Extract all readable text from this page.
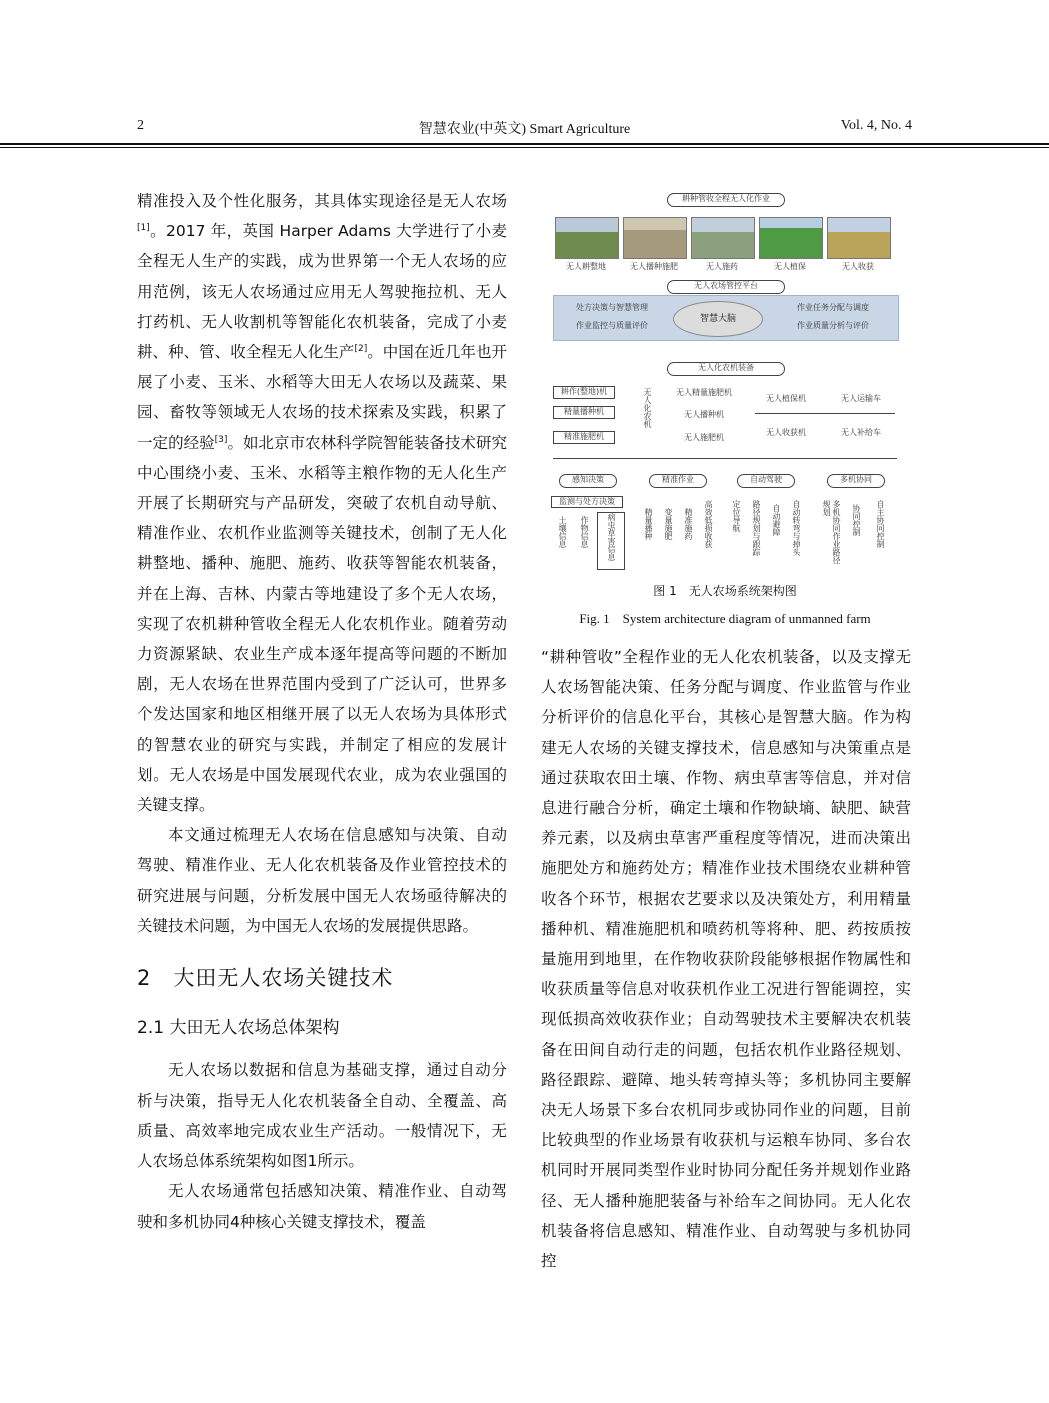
2	智慧农业(中英文) Smart Agriculture	Vol. 4, No. 4

精准投入及个性化服务，其具体实现途径是无人农场[1]。2017 年，英国 Harper Adams 大学进行了小麦全程无人生产的实践，成为世界第一个无人农场的应用范例，该无人农场通过应用无人驾驶拖拉机、无人打药机、无人收割机等智能化农机装备，完成了小麦耕、种、管、收全程无人化生产[2]。中国在近几年也开展了小麦、玉米、水稻等大田无人农场以及蔬菜、果园、畜牧等领域无人农场的技术探索及实践，积累了一定的经验[3]。如北京市农林科学院智能装备技术研究中心围绕小麦、玉米、水稻等主粮作物的无人化生产开展了长期研究与产品研发，突破了农机自动导航、精准作业、农机作业监测等关键技术，创制了无人化耕整地、播种、施肥、施药、收获等智能农机装备，并在上海、吉林、内蒙古等地建设了多个无人农场，实现了农机耕种管收全程无人化农机作业。随着劳动力资源紧缺、农业生产成本逐年提高等问题的不断加剧，无人农场在世界范围内受到了广泛认可，世界多个发达国家和地区相继开展了以无人农场为具体形式的智慧农业的研究与实践，并制定了相应的发展计划。无人农场是中国发展现代农业，成为农业强国的关键支撑。

本文通过梳理无人农场在信息感知与决策、自动驾驶、精准作业、无人化农机装备及作业管控技术的研究进展与问题，分析发展中国无人农场亟待解决的关键技术问题，为中国无人农场的发展提供思路。

2　大田无人农场关键技术
2.1 大田无人农场总体架构

无人农场以数据和信息为基础支撑，通过自动分析与决策，指导无人化农机装备全自动、全覆盖、高质量、高效率地完成农业生产活动。一般情况下，无人农场总体系统架构如图1所示。

无人农场通常包括感知决策、精准作业、自动驾驶和多机协同4种核心关键支撑技术，覆盖

耕种管收全程无人化作业
无人耕整地	无人播种施肥	无人施药	无人植保	无人收获
无人农场管控平台
处方决策与智慧管理
作业监控与质量评价
智慧大脑
作业任务分配与调度
作业质量分析与评价
无人化农机装备
耕作(整地)机
精量播种机
精准施肥机
无人化农机	无人精量施肥机
无人播种机
无人施肥机
无人植保机
无人收获机
无人运输车
无人补给车
感知决策	精准作业	自动驾驶	多机协同
监测与处方决策
土壤信息 作物信息	病虫草害信息	精量播种 变量施肥 精准施药 高效低损收获 定位导航 路径规划与跟踪 自动避障 自动转弯与掉头	多机协同作业路径规划	协同控制 自主协同控制
图 1　无人农场系统架构图
Fig. 1　System architecture diagram of unmanned farm

“耕种管收”全程作业的无人化农机装备，以及支撑无人农场智能决策、任务分配与调度、作业监管与作业分析评价的信息化平台，其核心是智慧大脑。作为构建无人农场的关键支撑技术，信息感知与决策重点是通过获取农田土壤、作物、病虫草害等信息，并对信息进行融合分析，确定土壤和作物缺墒、缺肥、缺营养元素，以及病虫草害严重程度等情况，进而决策出施肥处方和施药处方；精准作业技术围绕农业耕种管收各个环节，根据农艺要求以及决策处方，利用精量播种机、精准施肥机和喷药机等将种、肥、药按质按量施用到地里，在作物收获阶段能够根据作物属性和收获质量等信息对收获机作业工况进行智能调控，实现低损高效收获作业；自动驾驶技术主要解决农机装备在田间自动行走的问题，包括农机作业路径规划、路径跟踪、避障、地头转弯掉头等；多机协同主要解决无人场景下多台农机同步或协同作业的问题，目前比较典型的作业场景有收获机与运粮车协同、多台农机同时开展同类型作业时协同分配任务并规划作业路径、无人播种施肥装备与补给车之间协同。无人化农机装备将信息感知、精准作业、自动驾驶与多机协同控
